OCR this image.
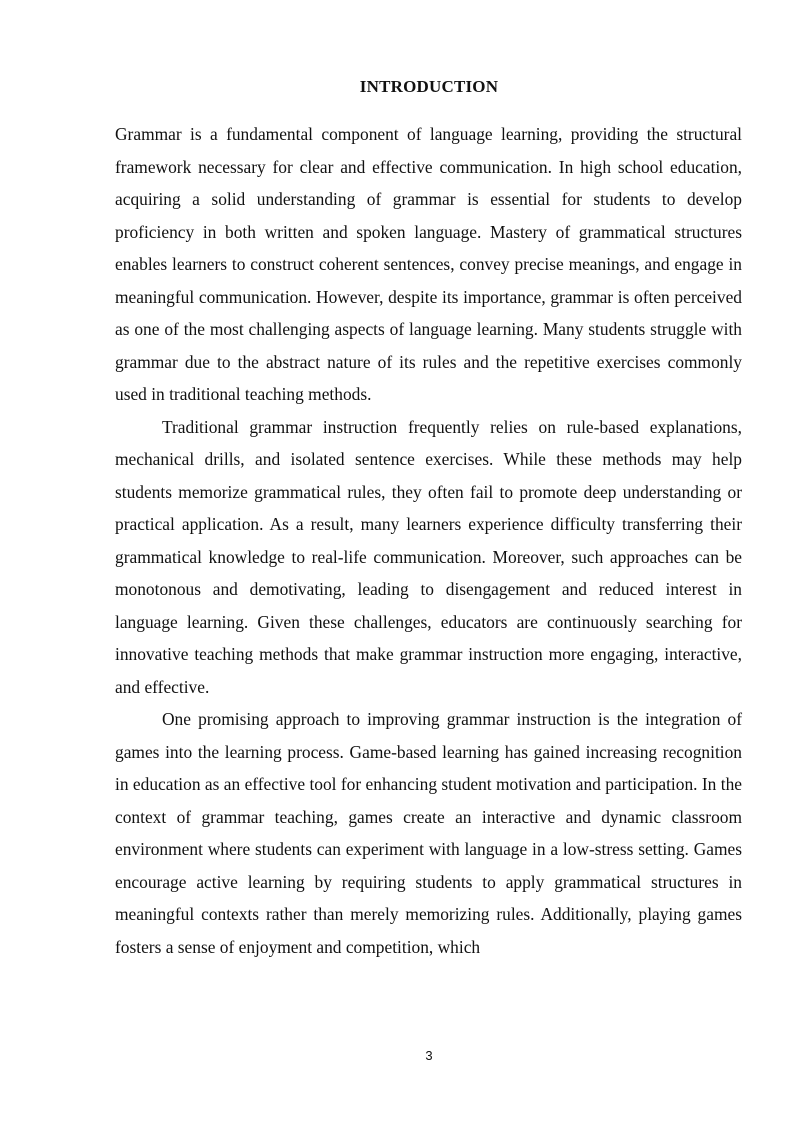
INTRODUCTION

Grammar is a fundamental component of language learning, providing the structural framework necessary for clear and effective communication. In high school education, acquiring a solid understanding of grammar is essential for students to develop proficiency in both written and spoken language. Mastery of grammatical structures enables learners to construct coherent sentences, convey precise meanings, and engage in meaningful communication. However, despite its importance, grammar is often perceived as one of the most challenging aspects of language learning. Many students struggle with grammar due to the abstract nature of its rules and the repetitive exercises commonly used in traditional teaching methods.

Traditional grammar instruction frequently relies on rule-based explanations, mechanical drills, and isolated sentence exercises. While these methods may help students memorize grammatical rules, they often fail to promote deep understanding or practical application. As a result, many learners experience difficulty transferring their grammatical knowledge to real-life communication. Moreover, such approaches can be monotonous and demotivating, leading to disengagement and reduced interest in language learning. Given these challenges, educators are continuously searching for innovative teaching methods that make grammar instruction more engaging, interactive, and effective.

One promising approach to improving grammar instruction is the integration of games into the learning process. Game-based learning has gained increasing recognition in education as an effective tool for enhancing student motivation and participation. In the context of grammar teaching, games create an interactive and dynamic classroom environment where students can experiment with language in a low-stress setting. Games encourage active learning by requiring students to apply grammatical structures in meaningful contexts rather than merely memorizing rules. Additionally, playing games fosters a sense of enjoyment and competition, which

3
